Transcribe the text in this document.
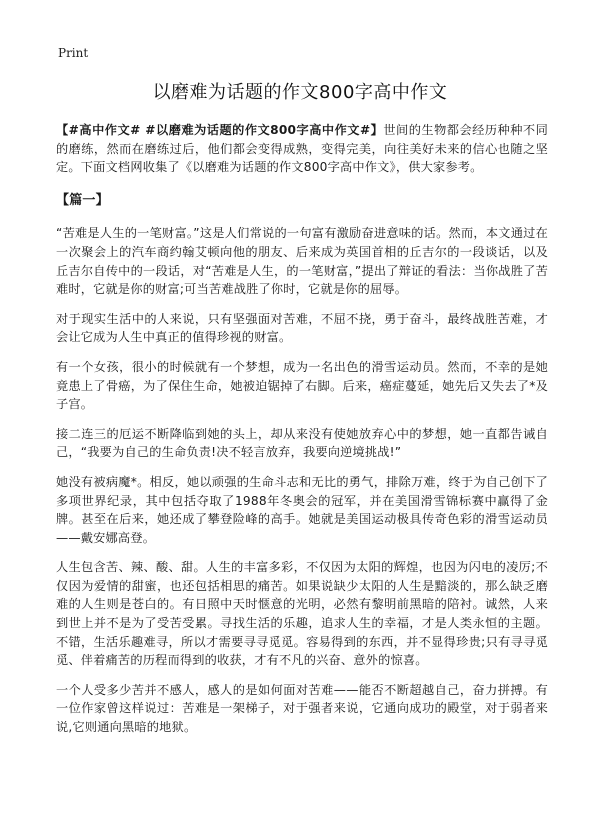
Print
以磨难为话题的作文800字高中作文

【#高中作文# #以磨难为话题的作文800字高中作文#】世间的生物都会经历种种不同的磨练，然而在磨练过后，他们都会变得成熟，变得完美，向往美好未来的信心也随之坚定。下面文档网收集了《以磨难为话题的作文800字高中作文》，供大家参考。

【篇一】

“苦难是人生的一笔财富。”这是人们常说的一句富有激励奋进意味的话。然而，本文通过在一次聚会上的汽车商约翰艾顿向他的朋友、后来成为英国首相的丘吉尔的一段谈话，以及丘吉尔自传中的一段话，对“苦难是人生，的一笔财富，”提出了辩证的看法：当你战胜了苦难时，它就是你的财富;可当苦难战胜了你时，它就是你的屈辱。

对于现实生活中的人来说，只有坚强面对苦难，不屈不挠，勇于奋斗，最终战胜苦难，才会让它成为人生中真正的值得珍视的财富。

有一个女孩，很小的时候就有一个梦想，成为一名出色的滑雪运动员。然而，不幸的是她竟患上了骨癌，为了保住生命，她被迫锯掉了右脚。后来，癌症蔓延，她先后又失去了*及子宫。

接二连三的厄运不断降临到她的头上，却从来没有使她放弃心中的梦想，她一直都告诫自己，“我要为自己的生命负责!决不轻言放弃，我要向逆境挑战!”

她没有被病魔*。相反，她以顽强的生命斗志和无比的勇气，排除万难，终于为自己创下了多项世界纪录，其中包括夺取了1988年冬奥会的冠军，并在美国滑雪锦标赛中赢得了金牌。甚至在后来，她还成了攀登险峰的高手。她就是美国运动极具传奇色彩的滑雪运动员——戴安娜高登。

人生包含苦、辣、酸、甜。人生的丰富多彩，不仅因为太阳的辉煌，也因为闪电的凌厉;不仅因为爱情的甜蜜，也还包括相思的痛苦。如果说缺少太阳的人生是黯淡的，那么缺乏磨难的人生则是苍白的。有日照中天时惬意的光明，必然有黎明前黑暗的陪衬。诚然，人来到世上并不是为了受苦受累。寻找生活的乐趣，追求人生的幸福，才是人类永恒的主题。不错，生活乐趣难寻，所以才需要寻寻觅觅。容易得到的东西，并不显得珍贵;只有寻寻觅觅、伴着痛苦的历程而得到的收获，才有不凡的兴奋、意外的惊喜。

一个人受多少苦并不感人，感人的是如何面对苦难——能否不断超越自己，奋力拼搏。有一位作家曾这样说过：苦难是一架梯子，对于强者来说，它通向成功的殿堂，对于弱者来说,它则通向黑暗的地狱。
